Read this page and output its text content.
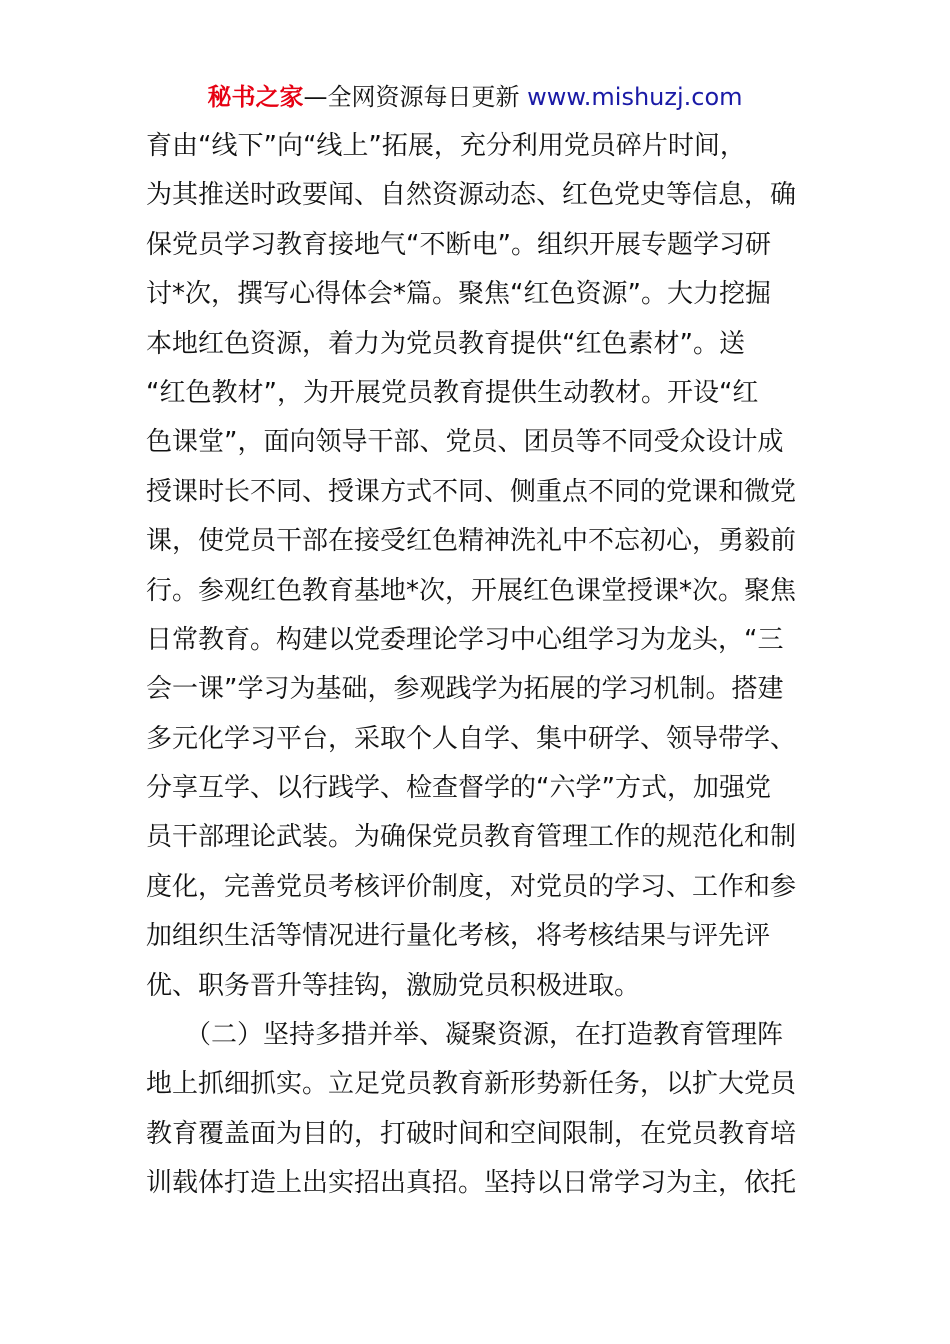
秘书之家—全网资源每日更新 www.mishuzj.com
育由“线下”向“线上”拓展，充分利用党员碎片时间，
为其推送时政要闻、自然资源动态、红色党史等信息，确
保党员学习教育接地气“不断电”。组织开展专题学习研
讨*次，撰写心得体会*篇。聚焦“红色资源”。大力挖掘
本地红色资源，着力为党员教育提供“红色素材”。送
“红色教材”，为开展党员教育提供生动教材。开设“红
色课堂”，面向领导干部、党员、团员等不同受众设计成
授课时长不同、授课方式不同、侧重点不同的党课和微党
课，使党员干部在接受红色精神洗礼中不忘初心，勇毅前
行。参观红色教育基地*次，开展红色课堂授课*次。聚焦
日常教育。构建以党委理论学习中心组学习为龙头，“三
会一课”学习为基础，参观践学为拓展的学习机制。搭建
多元化学习平台，采取个人自学、集中研学、领导带学、
分享互学、以行践学、检查督学的“六学”方式，加强党
员干部理论武装。为确保党员教育管理工作的规范化和制
度化，完善党员考核评价制度，对党员的学习、工作和参
加组织生活等情况进行量化考核，将考核结果与评先评
优、职务晋升等挂钩，激励党员积极进取。
　　（二）坚持多措并举、凝聚资源，在打造教育管理阵
地上抓细抓实。立足党员教育新形势新任务，以扩大党员
教育覆盖面为目的，打破时间和空间限制，在党员教育培
训载体打造上出实招出真招。坚持以日常学习为主，依托
